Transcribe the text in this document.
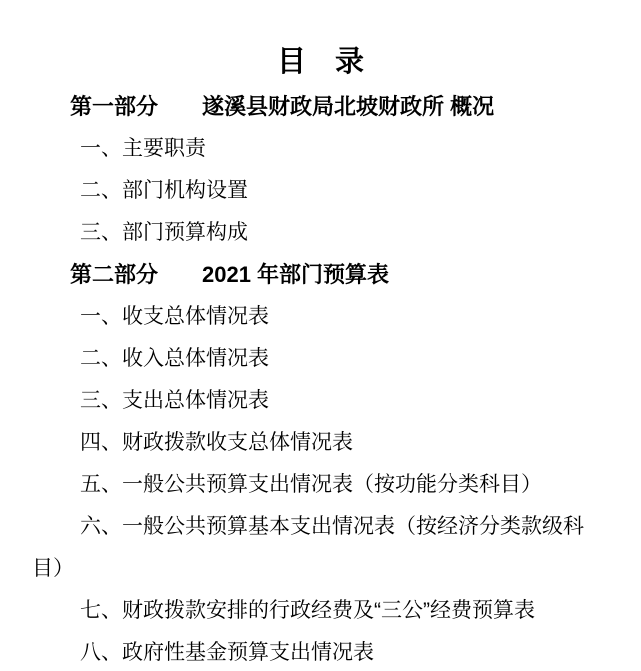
目　录

第一部分　　遂溪县财政局北坡财政所 概况

一、主要职责

二、部门机构设置

三、部门预算构成

第二部分　　2021 年部门预算表

一、收支总体情况表

二、收入总体情况表

三、支出总体情况表

四、财政拨款收支总体情况表

五、一般公共预算支出情况表（按功能分类科目）

六、一般公共预算基本支出情况表（按经济分类款级科目）

七、财政拨款安排的行政经费及“三公”经费预算表

八、政府性基金预算支出情况表
